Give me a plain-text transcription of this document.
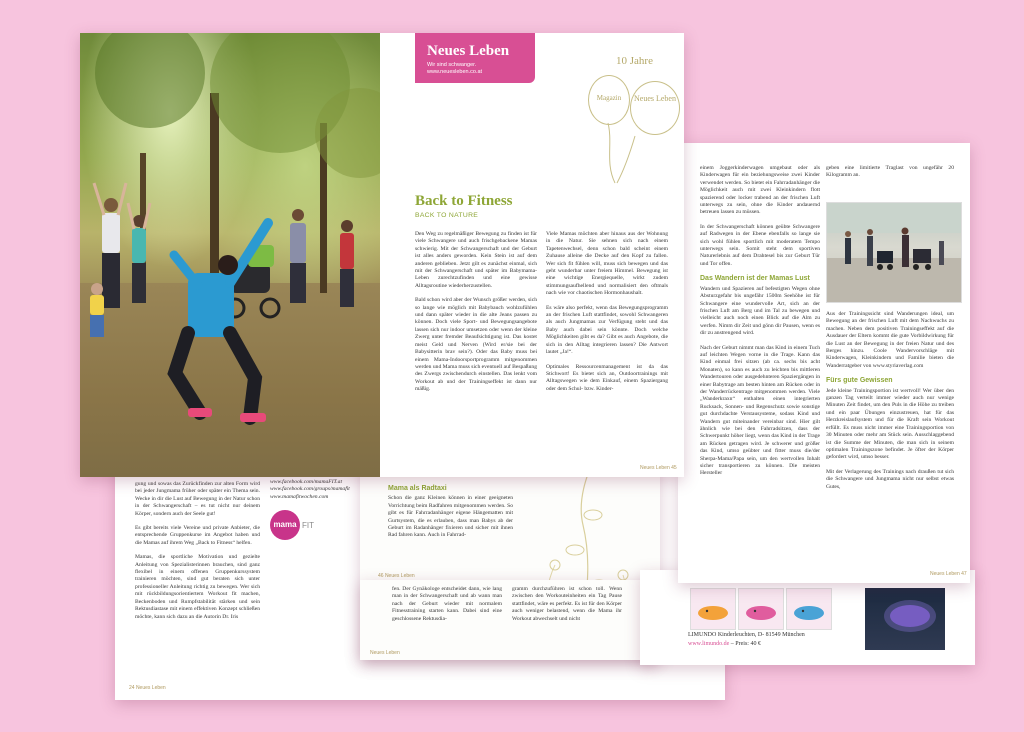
gung und sowas das Zurückfinden zur alten Form wird bei jeder Jungmama früher oder später ein Thema sein. Wecke in dir die Lust auf Bewegung in der Natur schon in der Schwangerschaft – es tut nicht nur deinem Körper, sondern auch der Seele gut!

Es gibt bereits viele Vereine und private Anbieter, die entsprechende Gruppenkurse im Angebot haben und die Mamas auf ihrem Weg „Back to Fitness“ helfen.

Mamas, die sportliche Motivation und gezielte Anleitung von Spezialisterinnen brauchen, sind ganz flexibel in einem offenen Gruppenkurssystem trainieren möchten, sind gut beraten sich unter professioneller Anleitung richtig zu bewegen. Wer sich mit rückbildungsorientiertem Workout fit machen, Beckenboden und Rumpfstabilität stärken und sein Rektusdiastase mit einem effektiven Konzept schließen möchte, kann sich dazu an die Autorin Dr. Iris

www.facebook.com/mamaFIT.at
www.facebook.com/groups/mamafit
www.mamafitwochen.com
mama FIT
24 Neues Leben
Mama als Radtaxi

Schon die ganz Kleinen können in einer geeigneten Vorrichtung beim Radfahren mitgenommen werden. So gibt es für Fahrradanhänger eigene Hängematten mit Gurtsystem, die es erlauben, dass man Babys ab der Geburt im Radanhänger fixieren und sicher mit ihnen Rad fahren kann. Auch in Fahrrad-

46 Neues Leben
fen. Der Gynäkologe entscheidet dann, wie lang man in der Schwangerschaft und ab wann man nach der Geburt wieder mit normalem Fitnesstraining starten kann. Dabei sind eine geschlossene Rektusdia-
gramm durchzuführen ist schon toll. Wenn zwischen den Workouteinheiten ein Tag Pause stattfindet, wäre es perfekt. Es ist für den Körper auch weniger belastend, wenn die Mama ihr Workout abwechselt und nicht
Neues Leben
LIMUNDO Kinderleuchten, D- 81549 München
www.limundo.de – Preis: 40 €

einem Joggerkinderwagen umgebaut oder als Kinderwagen für ein beziehungsweise zwei Kinder verwendet werden. So bietet ein Fahrradanhänger die Möglichkeit auch mit zwei Kleinkindern flott spazierend oder locker trabend an der frischen Luft unterwegs zu sein, ohne die Kinder andauernd betreuen lassen zu müssen.

In der Schwangerschaft können geübte Schwangere auf Radwegen in der Ebene ebenfalls so lange sie sich wohl fühlen sportlich mit moderatem Tempo unterwegs sein. Somit steht dem sportiven Naturerlebnis auf dem Drahtesel bis zur Geburt Tür und Tor offen.

Das Wandern ist der Mamas Lust

Wandern und Spazieren auf befestigten Wegen ohne Absturzgefahr bis ungefähr 1500m Seehöhe ist für Schwangere eine wundervolle Art, sich an der frischen Luft am Berg und im Tal zu bewegen und vielleicht auch noch einen Blick auf die Alm zu werfen. Nimm dir Zeit und gönn dir Pausen, wenn es dir zu anstrengend wird.

Nach der Geburt nimmt man das Kind in einem Tuch auf leichten Wegen vorne in die Trage. Kann das Kind einmal frei sitzen (ab ca. sechs bis acht Monaten), so kann es auch zu leichten bis mittleren Wandertouren oder ausgedehnteren Spaziergängen in einer Babytrage am besten hinten am Rücken oder in der Wanderrückentrage mitgenommen werden. Viele „Wanderkraxn“ enthalten einen integrierten Rucksack, Sonnen- und Regenschutz sowie sonstige gut durchdachte Verstausysteme, sodass Kind und Wandern gut miteinander vereinbar sind. Hier gilt ähnlich wie bei den Fahrradsitzen, dass der Schwerpunkt höher liegt, wenn das Kind in der Trage am Rücken getragen wird. Je schwerer und größer das Kind, umso geübter und fitter muss die/der Sherpa-Mama/Papa sein, um den wertvollen Inhalt sicher transportieren zu können. Die meisten Hersteller

geben eine limitierte Traglast von ungefähr 20 Kilogramm an.

Aus der Trainingssicht sind Wanderungen ideal, um Bewegung an der frischen Luft mit dem Nachwuchs zu machen. Neben dem positiven Trainingseffekt auf die Ausdauer der Eltern kommt die gute Vorbildwirkung für die Lust an der Bewegung in der freien Natur und des Berges hinzu. Coole Wandervorschläge mit Kinderwagen, Kleinkindern und Familie bieten die Wanderratgeber von www.styriaverlag.com

Fürs gute Gewissen

Jede kleine Trainingsportion ist wertvoll! Wer über den ganzen Tag verteilt immer wieder auch nur wenige Minuten Zeit findet, um den Puls in die Höhe zu treiben und ein paar Übungen einzustreuen, hat für das Herzkreislaufsystem und für die Kraft sein Workout erfüllt. Es muss nicht immer eine Trainingsportion von 30 Minuten oder mehr am Stück sein. Ausschlaggebend ist die Summe der Minuten, die man sich in seinem optimalen Trainingszone befindet. Je öfter der Körper gefordert wird, umso besser.

Mit der Verlagerung des Trainings nach draußen tut sich die Schwangere und Jungmama nicht nur selbst etwas Gutes,

Neues Leben 47
Neues Leben
Wir sind schwanger.
www.neuesleben.co.at
10 Jahre
Magazin	Neues Leben
Back to Fitness
BACK TO NATURE

Den Weg zu regelmäßiger Bewegung zu finden ist für viele Schwangere und auch frischgebackene Mamas schwierig. Mit der Schwangerschaft und der Geburt ist alles anders geworden. Kein Stein ist auf dem anderen geblieben. Jetzt gilt es zunächst einmal, sich mit der Schwangerschaft und später im Babymama-Leben zurechtzufinden und eine gewisse Alltagsroutine wiederherzustellen.

Bald schon wird aber der Wunsch größer werden, sich so lange wie möglich mit Babybauch wohlzufühlen und dann später wieder in die alte Jeans passen zu können. Doch viele Sport- und Bewegungsangebote lassen sich nur indoor umsetzen oder wenn der kleine Zwerg unter fremder Beaufsichtigung ist. Das kostet meist Geld und Nerven (Wird er/sie bei der Babysitterin brav sein?). Oder das Baby muss bei einem Mama-Indoorsportprogramm mitgenommen werden und Mama muss sich eventuell auf Bespaßung des Zwergs zwischendurch einstellen. Das lenkt vom Workout ab und der Trainingseffekt ist dann nur mäßig.

Viele Mamas möchten aber hinaus aus der Wohnung in die Natur. Sie sehnen sich nach einem Tapetenwechsel, denn schon bald scheint einem Zuhause alleine die Decke auf den Kopf zu fallen. Wer sich fit fühlen will, muss sich bewegen und das geht wunderbar unter freiem Himmel. Bewegung ist eine wichtige Energiequelle, wirkt zudem stimmungsaufhellend und normalisiert den oftmals nach wie vor chaotischen Hormonhaushalt.

Es wäre also perfekt, wenn das Bewegungsprogramm an der frischen Luft stattfindet, sowohl Schwangeren als auch Jungmamas zur Verfügung steht und das Baby auch dabei sein könnte. Doch welche Möglichkeiten gibt es da? Gibt es auch Angebote, die sich in den Alltag integrieren lassen? Die Antwort lautet „Ja!“.

Optimales Ressourcenmanagement ist da das Stichwort! Es bietet sich an, Outdoortrainings mit Alltagswegen wie dem Einkauf, einem Spaziergang oder dem Schul- bzw. Kinder-

Neues Leben 45
